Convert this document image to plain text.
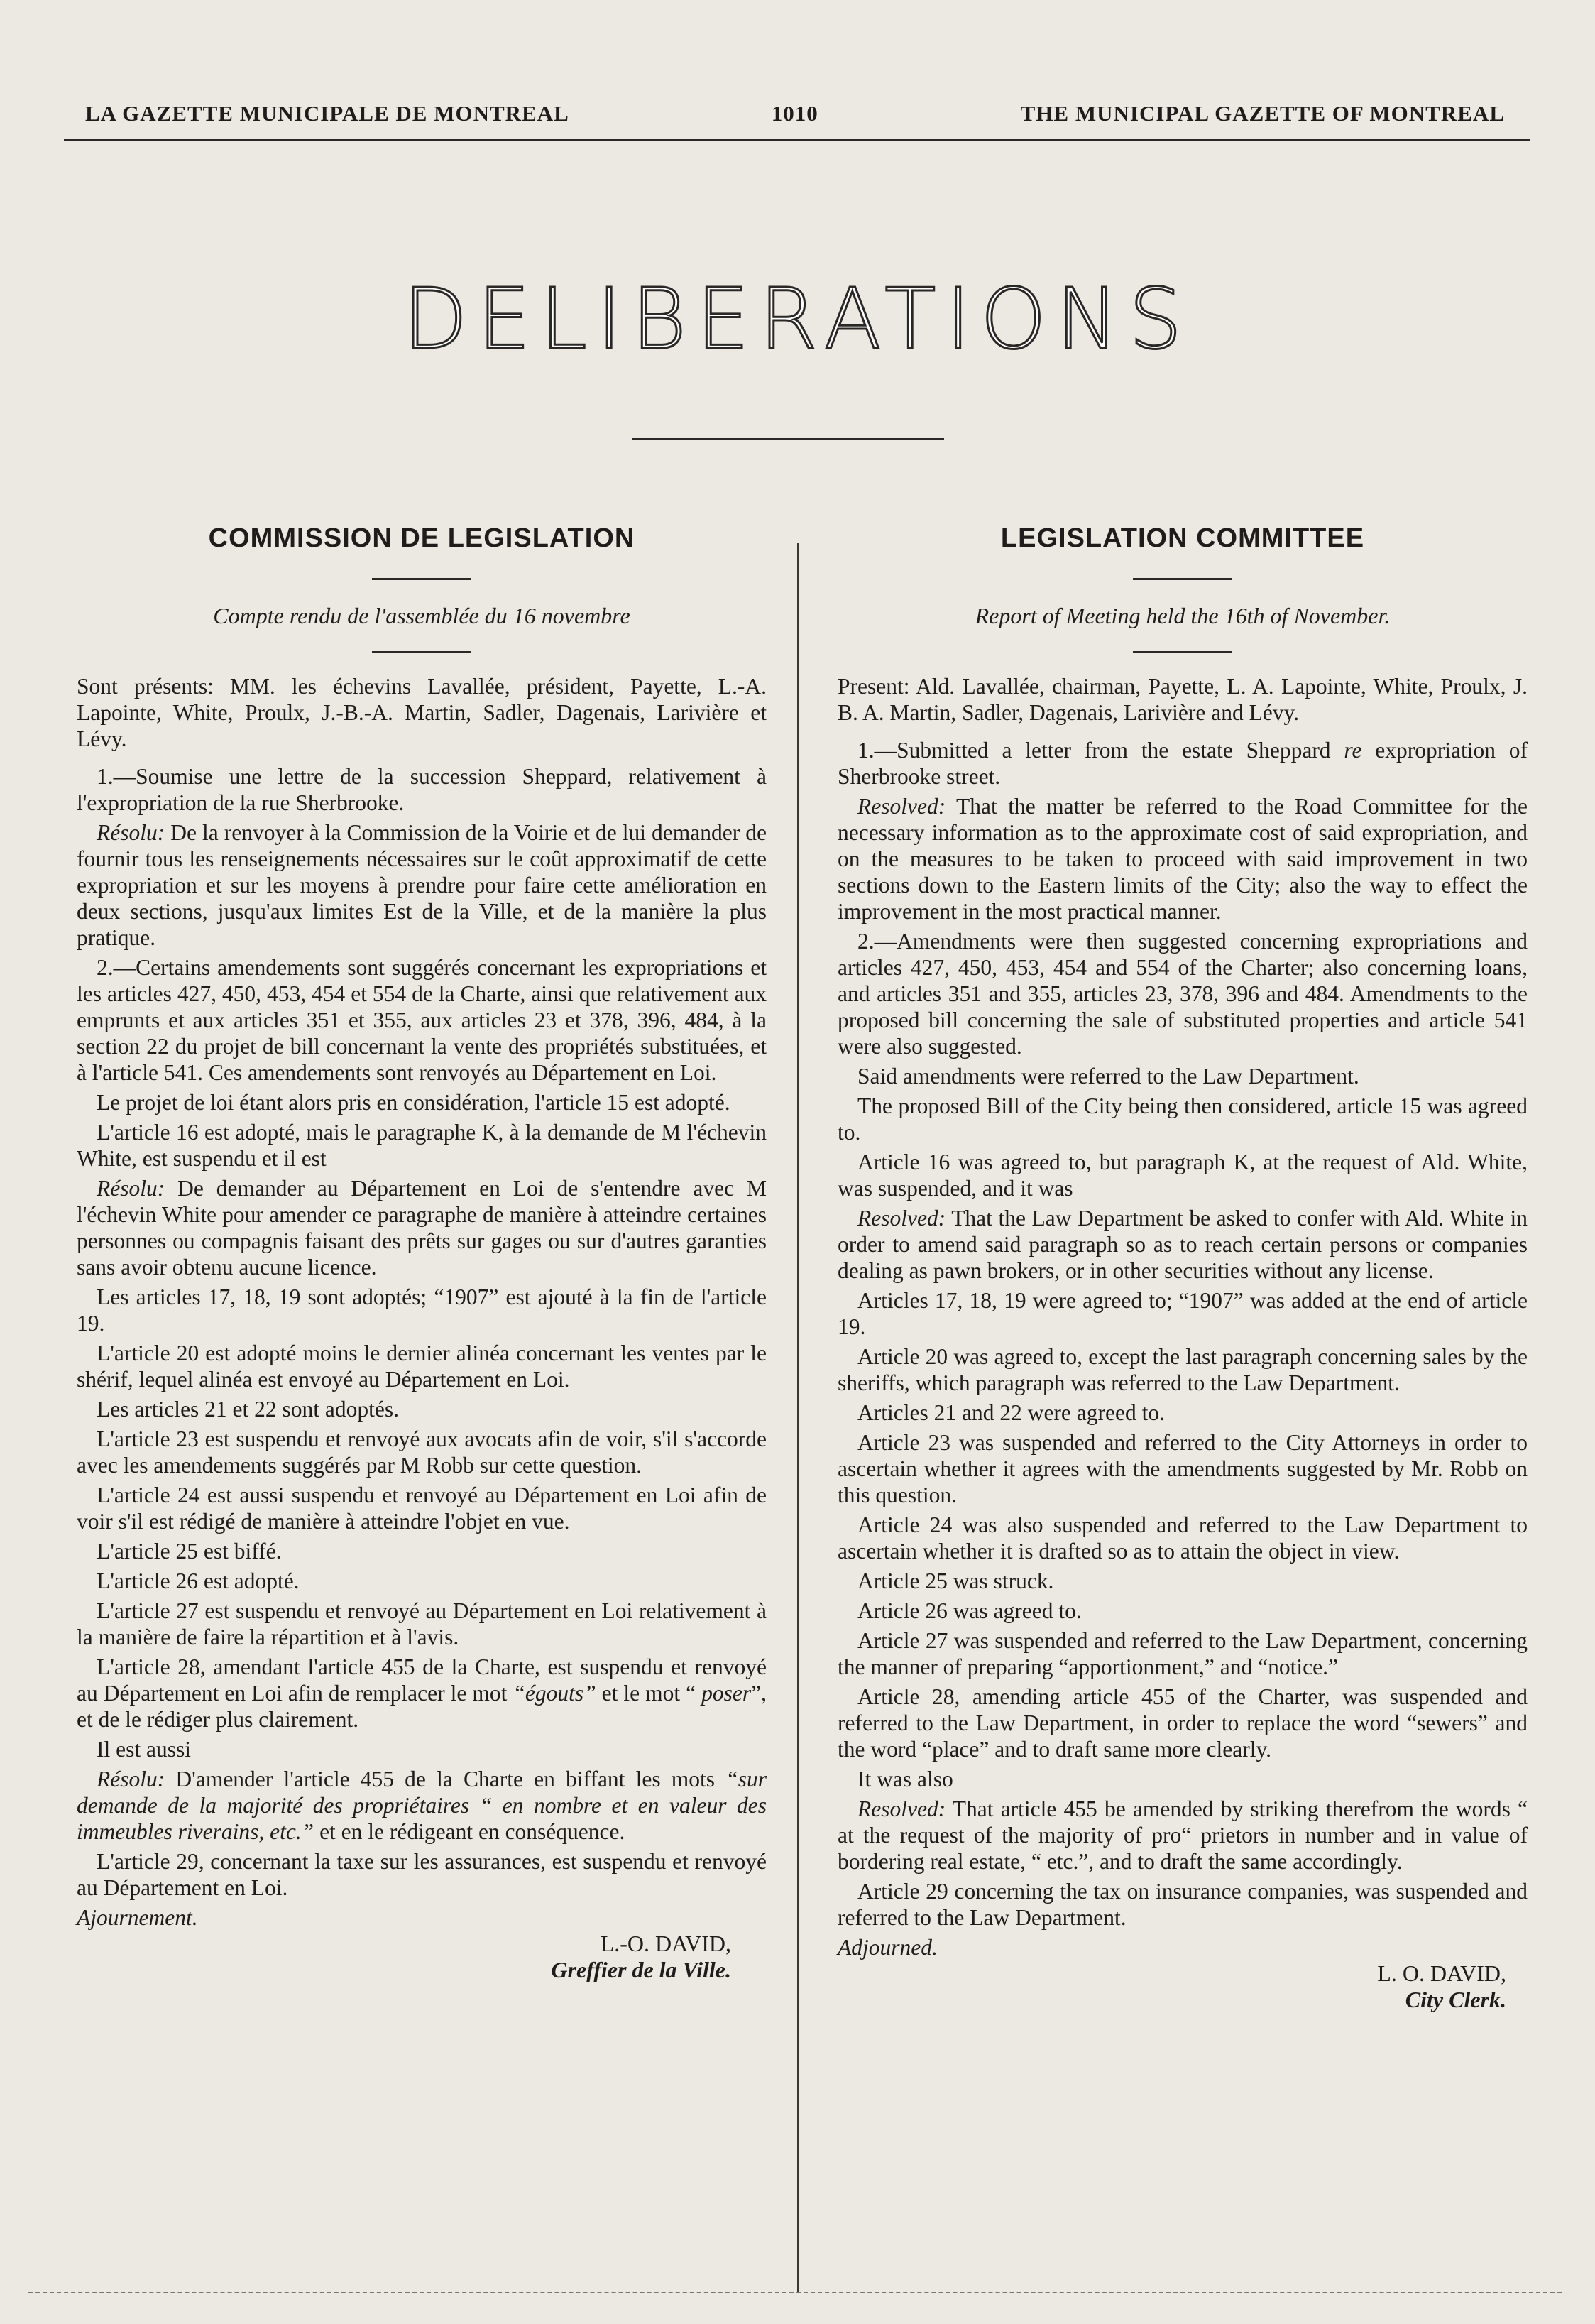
LA GAZETTE MUNICIPALE DE MONTREAL	1010	THE MUNICIPAL GAZETTE OF MONTREAL
DELIBERATIONS
COMMISSION DE LEGISLATION
Compte rendu de l'assemblée du 16 novembre

Sont présents: MM. les échevins Lavallée, président, Payette, L.-A. Lapointe, White, Proulx, J.-B.-A. Martin, Sadler, Dagenais, Larivière et Lévy.

1.—Soumise une lettre de la succession Sheppard, relativement à l'expropriation de la rue Sherbrooke.

Résolu: De la renvoyer à la Commission de la Voirie et de lui demander de fournir tous les renseignements nécessaires sur le coût approximatif de cette expropriation et sur les moyens à prendre pour faire cette amélioration en deux sections, jusqu'aux limites Est de la Ville, et de la manière la plus pratique.

2.—Certains amendements sont suggérés concernant les expropriations et les articles 427, 450, 453, 454 et 554 de la Charte, ainsi que relativement aux emprunts et aux articles 351 et 355, aux articles 23 et 378, 396, 484, à la section 22 du projet de bill concernant la vente des propriétés substituées, et à l'article 541. Ces amendements sont renvoyés au Département en Loi.

Le projet de loi étant alors pris en considération, l'article 15 est adopté.

L'article 16 est adopté, mais le paragraphe K, à la demande de M l'échevin White, est suspendu et il est

Résolu: De demander au Département en Loi de s'entendre avec M l'échevin White pour amender ce paragraphe de manière à atteindre certaines personnes ou compagnis faisant des prêts sur gages ou sur d'autres garanties sans avoir obtenu aucune licence.

Les articles 17, 18, 19 sont adoptés; “1907” est ajouté à la fin de l'article 19.

L'article 20 est adopté moins le dernier alinéa concernant les ventes par le shérif, lequel alinéa est envoyé au Département en Loi.

Les articles 21 et 22 sont adoptés.

L'article 23 est suspendu et renvoyé aux avocats afin de voir, s'il s'accorde avec les amendements suggérés par M Robb sur cette question.

L'article 24 est aussi suspendu et renvoyé au Département en Loi afin de voir s'il est rédigé de manière à atteindre l'objet en vue.

L'article 25 est biffé.

L'article 26 est adopté.

L'article 27 est suspendu et renvoyé au Département en Loi relativement à la manière de faire la répartition et à l'avis.

L'article 28, amendant l'article 455 de la Charte, est suspendu et renvoyé au Département en Loi afin de remplacer le mot “égouts” et le mot “ poser”, et de le rédiger plus clairement.

Il est aussi

Résolu: D'amender l'article 455 de la Charte en biffant les mots “sur demande de la majorité des propriétaires “ en nombre et en valeur des immeubles riverains, etc.” et en le rédigeant en conséquence.

L'article 29, concernant la taxe sur les assurances, est suspendu et renvoyé au Département en Loi.

Ajournement.
L.-O. DAVID,
Greffier de la Ville.
LEGISLATION COMMITTEE
Report of Meeting held the 16th of November.

Present: Ald. Lavallée, chairman, Payette, L. A. Lapointe, White, Proulx, J. B. A. Martin, Sadler, Dagenais, Larivière and Lévy.

1.—Submitted a letter from the estate Sheppard re expropriation of Sherbrooke street.

Resolved: That the matter be referred to the Road Committee for the necessary information as to the approximate cost of said expropriation, and on the measures to be taken to proceed with said improvement in two sections down to the Eastern limits of the City; also the way to effect the improvement in the most practical manner.

2.—Amendments were then suggested concerning expropriations and articles 427, 450, 453, 454 and 554 of the Charter; also concerning loans, and articles 351 and 355, articles 23, 378, 396 and 484. Amendments to the proposed bill concerning the sale of substituted properties and article 541 were also suggested.

Said amendments were referred to the Law Department.

The proposed Bill of the City being then considered, article 15 was agreed to.

Article 16 was agreed to, but paragraph K, at the request of Ald. White, was suspended, and it was

Resolved: That the Law Department be asked to confer with Ald. White in order to amend said paragraph so as to reach certain persons or companies dealing as pawn brokers, or in other securities without any license.

Articles 17, 18, 19 were agreed to; “1907” was added at the end of article 19.

Article 20 was agreed to, except the last paragraph concerning sales by the sheriffs, which paragraph was referred to the Law Department.

Articles 21 and 22 were agreed to.

Article 23 was suspended and referred to the City Attorneys in order to ascertain whether it agrees with the amendments suggested by Mr. Robb on this question.

Article 24 was also suspended and referred to the Law Department to ascertain whether it is drafted so as to attain the object in view.

Article 25 was struck.

Article 26 was agreed to.

Article 27 was suspended and referred to the Law Department, concerning the manner of preparing “apportionment,” and “notice.”

Article 28, amending article 455 of the Charter, was suspended and referred to the Law Department, in order to replace the word “sewers” and the word “place” and to draft same more clearly.

It was also

Resolved: That article 455 be amended by striking therefrom the words “ at the request of the majority of pro“ prietors in number and in value of bordering real estate, “ etc.”, and to draft the same accordingly.

Article 29 concerning the tax on insurance companies, was suspended and referred to the Law Department.

Adjourned.
L. O. DAVID,
City Clerk.
